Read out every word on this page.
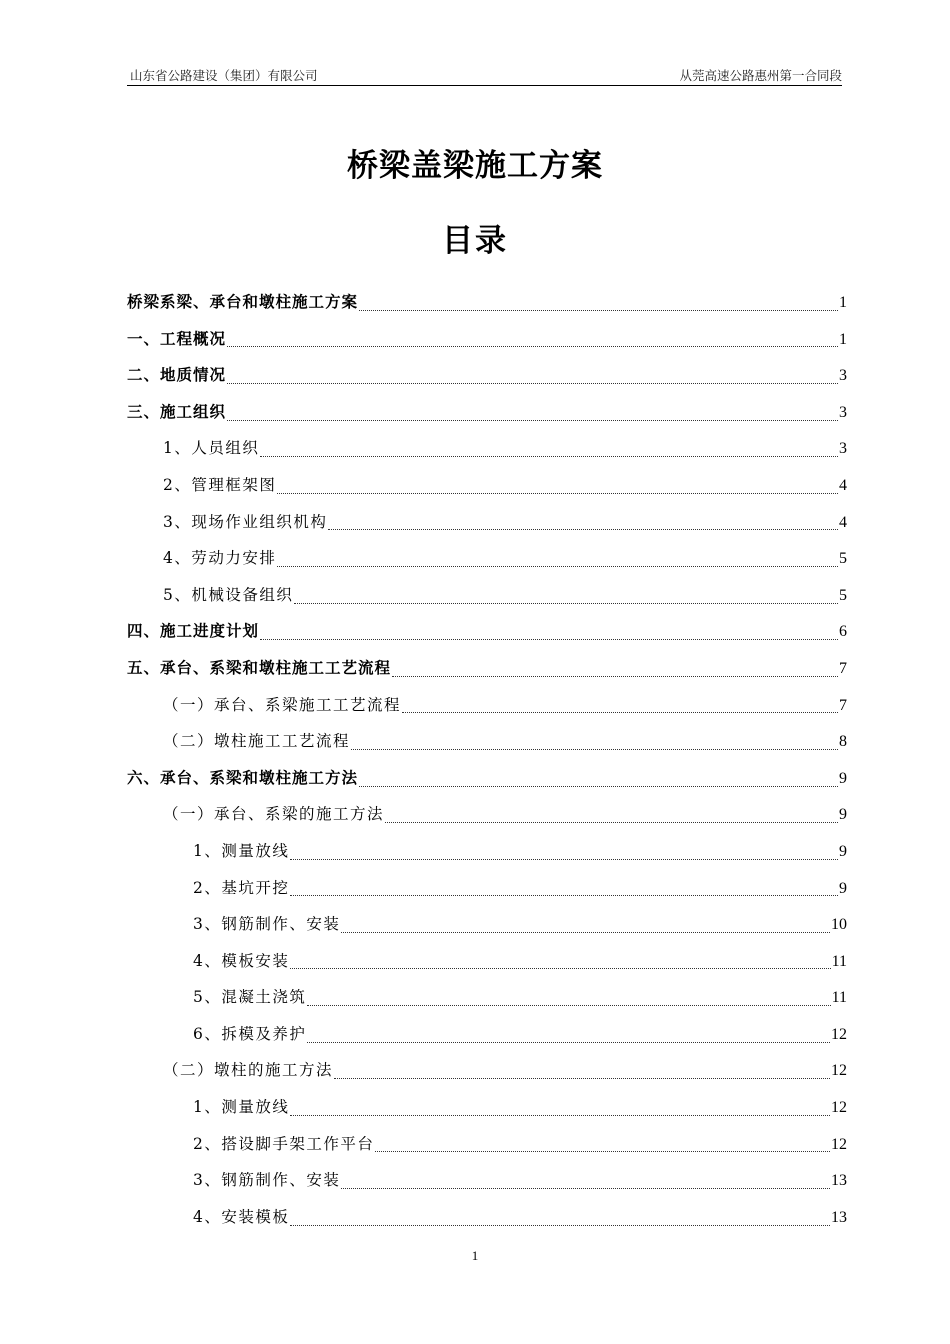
山东省公路建设（集团）有限公司	从莞高速公路惠州第一合同段
桥梁盖梁施工方案
目录
桥梁系梁、承台和墩柱施工方案	1
一、工程概况	1
二、地质情况	3
三、施工组织	3
1、人员组织	3
2、管理框架图	4
3、现场作业组织机构	4
4、劳动力安排	5
5、机械设备组织	5
四、施工进度计划	6
五、承台、系梁和墩柱施工工艺流程	7
（一）承台、系梁施工工艺流程	7
（二）墩柱施工工艺流程	8
六、承台、系梁和墩柱施工方法	9
（一）承台、系梁的施工方法	9
1、测量放线	9
2、基坑开挖	9
3、钢筋制作、安装	10
4、模板安装	11
5、混凝土浇筑	11
6、拆模及养护	12
（二）墩柱的施工方法	12
1、测量放线	12
2、搭设脚手架工作平台	12
3、钢筋制作、安装	13
4、安装模板	13
1
